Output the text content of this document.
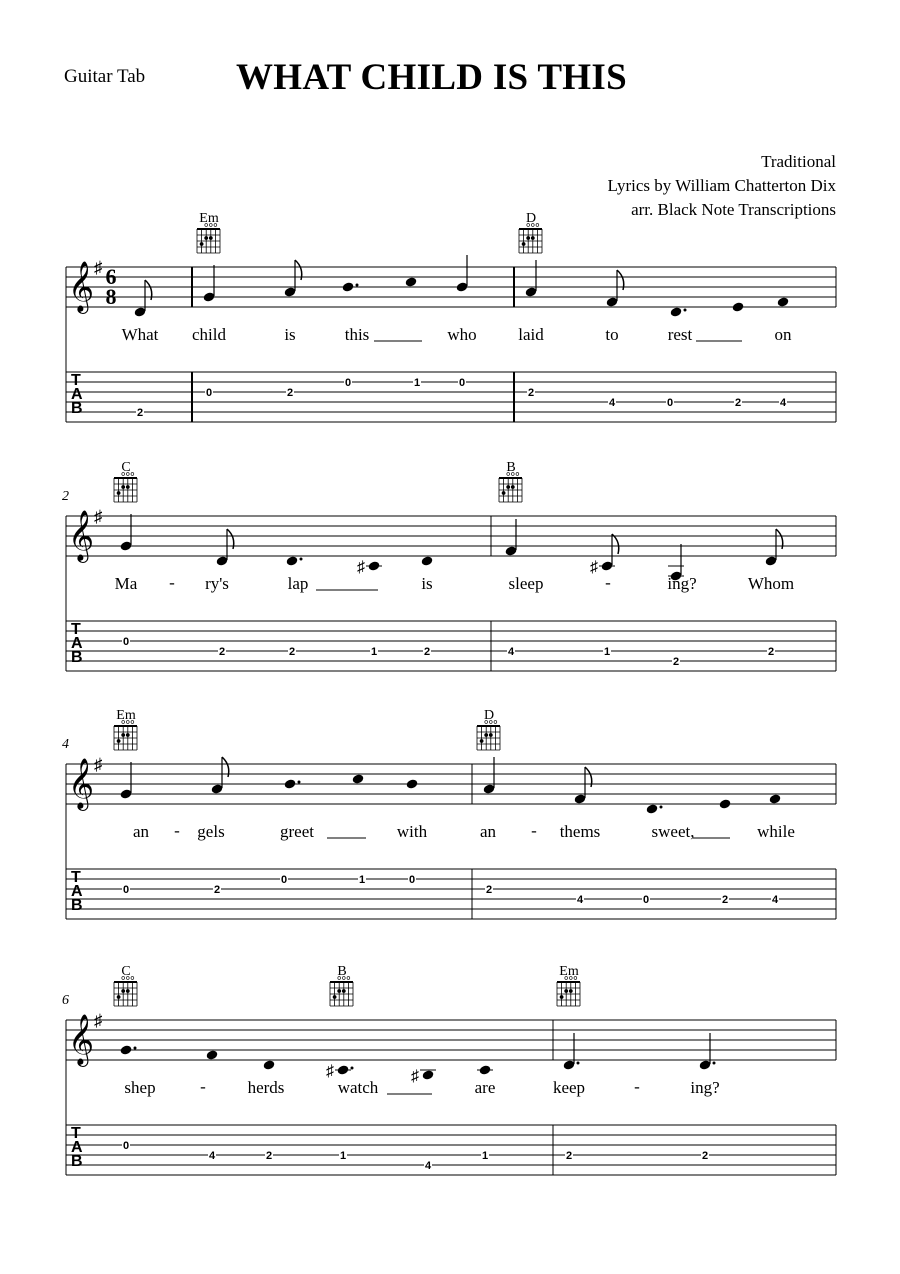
Guitar Tab WHAT CHILD IS THIS
Traditional
Lyrics by William Chatterton Dix
arr. Black Note Transcriptions
𝄞 ♯ 6
8
T
A
B
Em	D
What child	is	this	who laid	to	rest	on
2
0	2
0	1	0
2
4	0	2	4
2
𝄞 ♯
T
A
B
C	B
♯	♯
Ma	ry's	lap	is	sleep	ing?	Whom
-	-
0
2	2	1	2	4	1
2
2
4
𝄞 ♯
T
A
B
Em	D
an	gels	greet	with	an	thems	sweet,	while
-	-
0	2
0	1	0
2
4	0	2	4
6
𝄞 ♯
T
A
B
C	B	Em
♯	♯
shep	herds	watch	are	keep	ing?
-	-
0
4	2	1
4
1	2	2
